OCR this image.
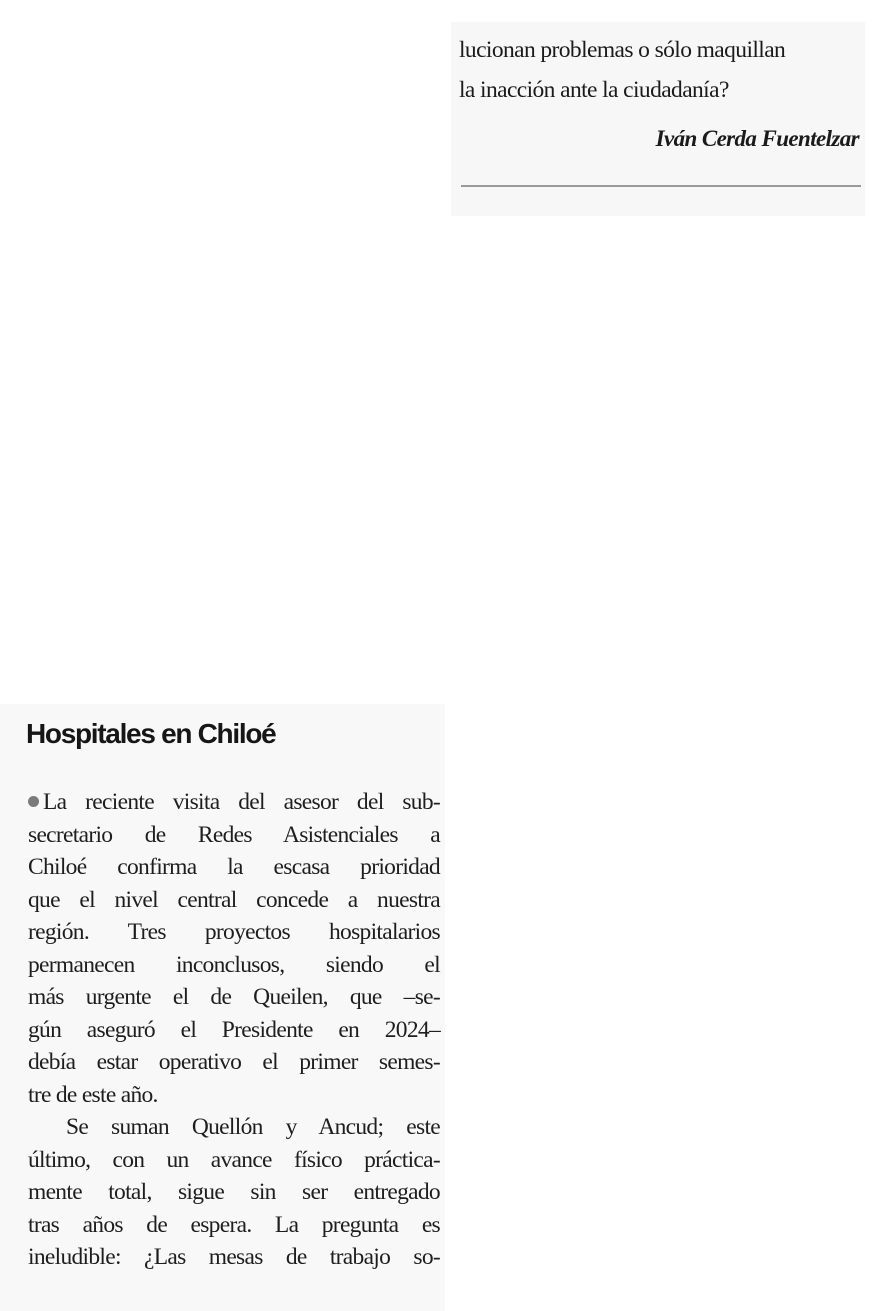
lucionan problemas o sólo maquillan
la inacción ante la ciudadanía?
Iván Cerda Fuentelzar
Hospitales en Chiloé
La reciente visita del asesor del sub-
secretario de Redes Asistenciales a
Chiloé confirma la escasa prioridad
que el nivel central concede a nuestra
región. Tres proyectos hospitalarios
permanecen inconclusos, siendo el
más urgente el de Queilen, que –se-
gún aseguró el Presidente en 2024–
debía estar operativo el primer semes-
tre de este año.
Se suman Quellón y Ancud; este
último, con un avance físico práctica-
mente total, sigue sin ser entregado
tras años de espera. La pregunta es
ineludible: ¿Las mesas de trabajo so-
